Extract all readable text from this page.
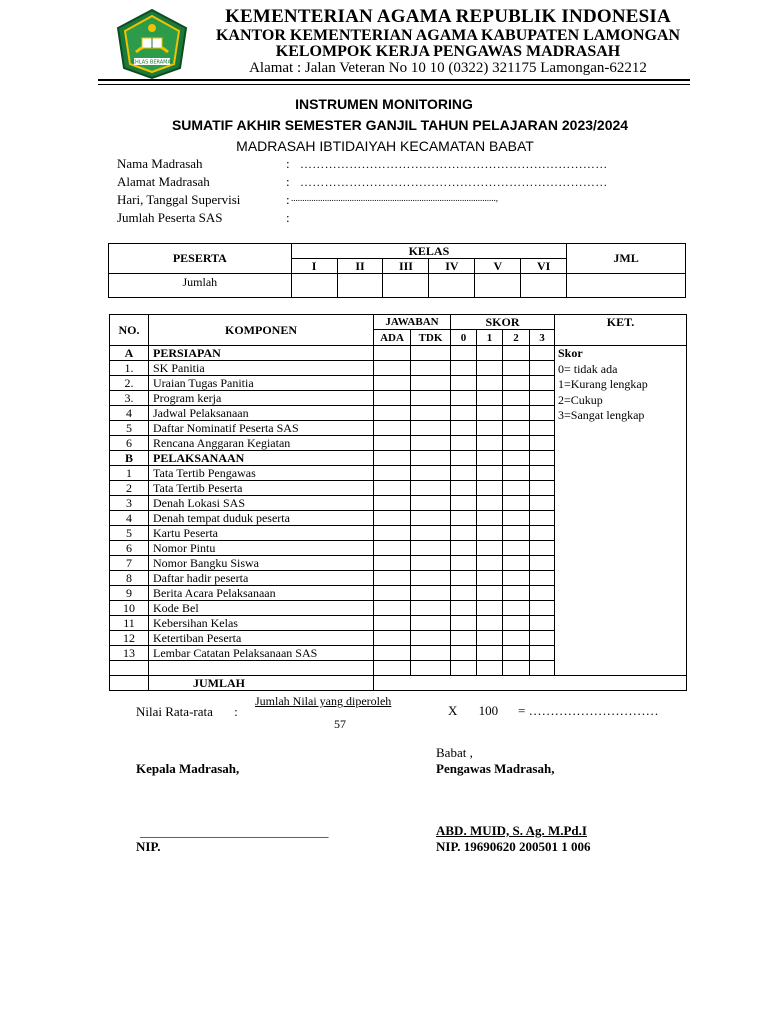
IKHLAS BERAMAL
KEMENTERIAN AGAMA REPUBLIK INDONESIA
KANTOR KEMENTERIAN AGAMA KABUPATEN LAMONGAN
KELOMPOK KERJA PENGAWAS MADRASAH
Alamat : Jalan Veteran No 10 10 (0322) 321175 Lamongan-62212
INSTRUMEN MONITORING
SUMATIF AKHIR SEMESTER GANJIL TAHUN PELAJARAN 2023/2024
MADRASAH IBTIDAIYAH KECAMATAN BABAT
Nama Madrasah	: …………………………………………………………………
Alamat Madrasah	: …………………………………………………………………
Hari, Tanggal Supervisi	: ...........................................................................................,
Jumlah Peserta SAS	:
PESERTA	KELAS						JML
	I	II	III	IV	V	VI	
Jumlah							
NO.	KOMPONEN	JAWABAN		SKOR				KET.
		ADA	TDK	0	1	2	3	
A	PERSIAPAN							Skor
0= tidak ada
1=Kurang lengkap
2=Cukup
3=Sangat lengkap

1.	SK Panitia							
2.	Uraian Tugas Panitia							
3.	Program kerja							
4	Jadwal Pelaksanaan							
5	Daftar Nominatif Peserta SAS							
6	Rencana Anggaran Kegiatan							
B	PELAKSANAAN							
1	Tata Tertib Pengawas							
2	Tata Tertib Peserta							
3	Denah Lokasi SAS							
4	Denah tempat duduk peserta							
5	Kartu Peserta							
6	Nomor Pintu							
7	Nomor Bangku Siswa							
8	Daftar hadir peserta							
9	Berita Acara Pelaksanaan							
10	Kode Bel							
11	Kebersihan Kelas							
12	Ketertiban Peserta							
13	Lembar Catatan Pelaksanaan SAS							

	JUMLAH							
Nilai Rata-rata :
Jumlah Nilai yang diperoleh
57
X 100 = …………………………
Babat ,
Kepala Madrasah,	Pengawas Madrasah,
_____________________________	ABD. MUID, S. Ag. M.Pd.I
NIP.	NIP. 19690620 200501 1 006
